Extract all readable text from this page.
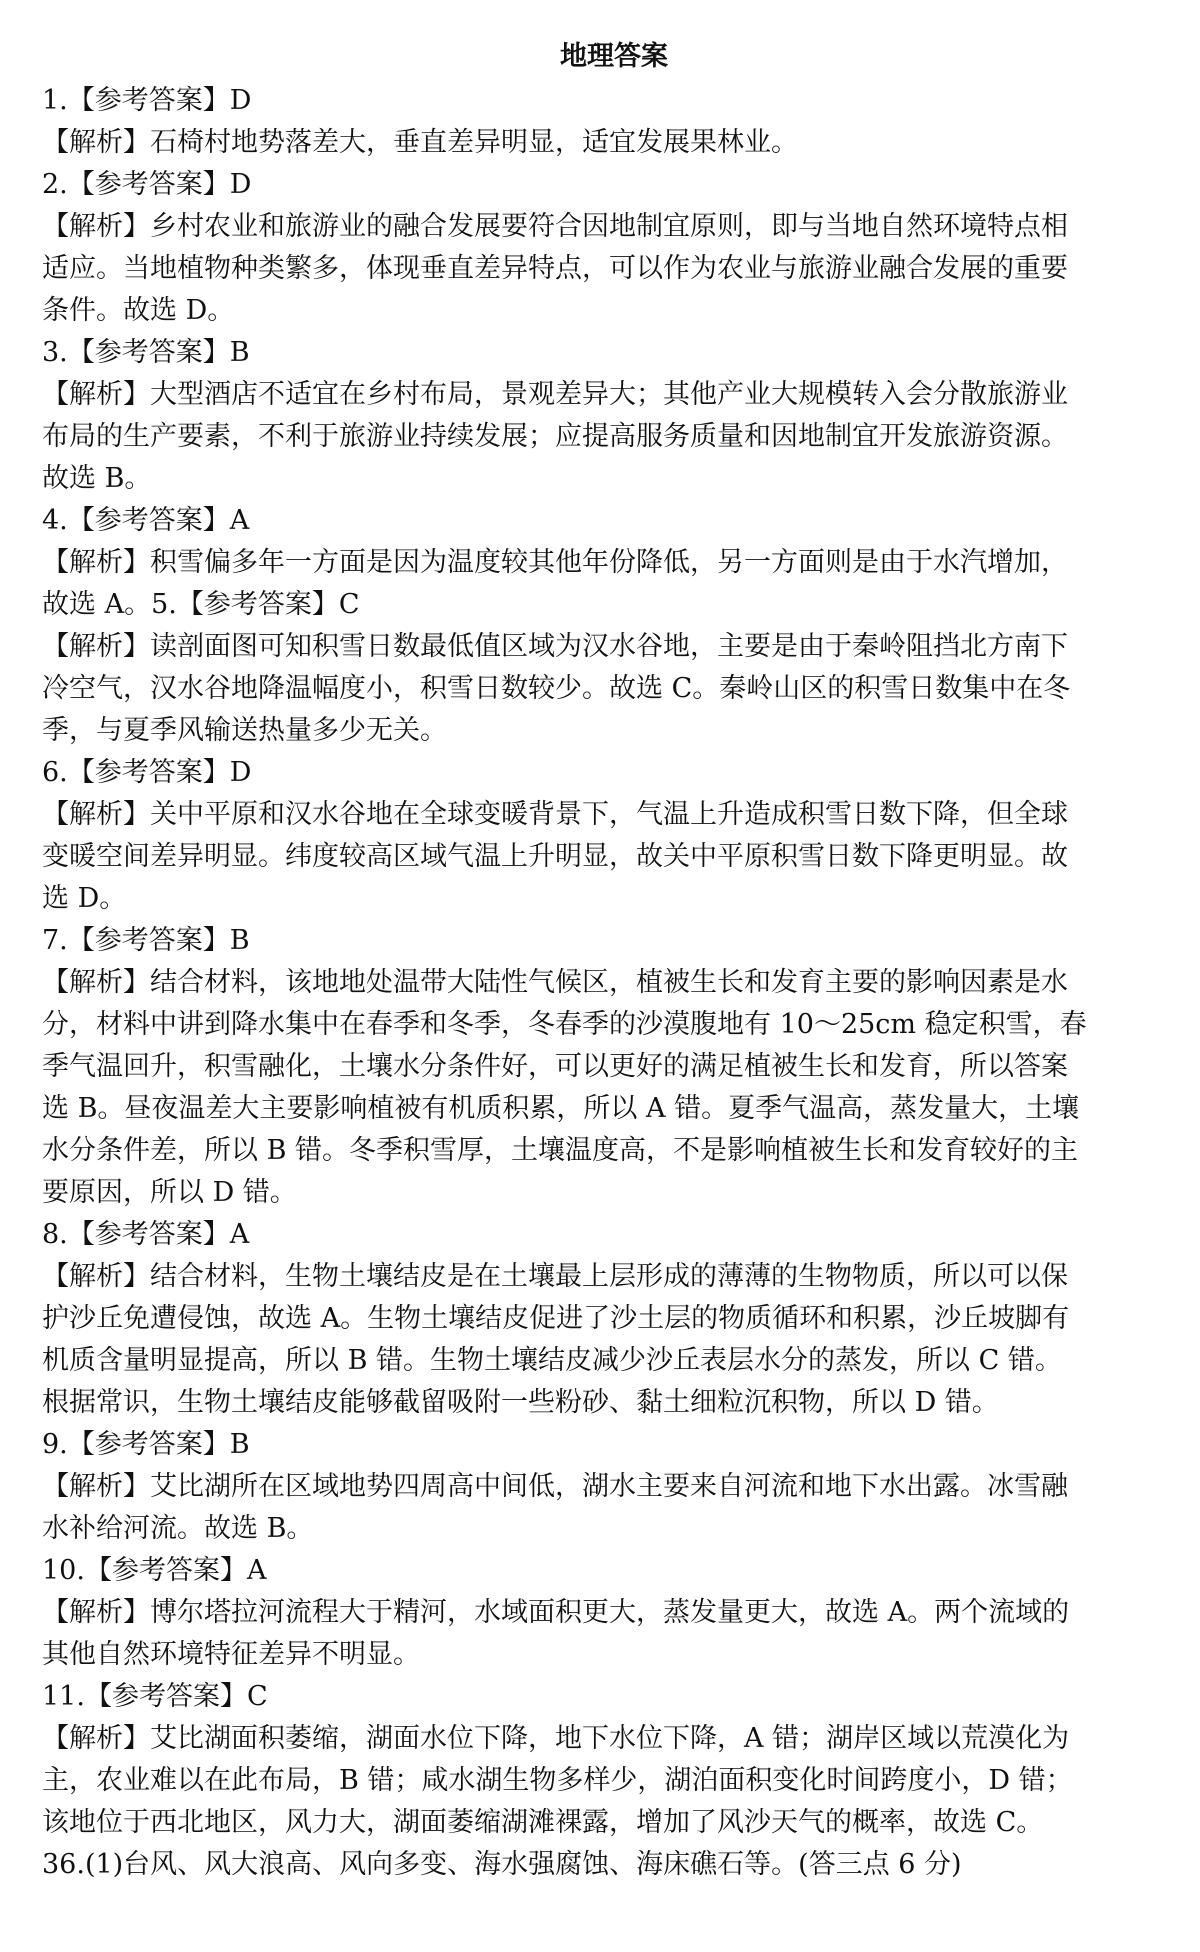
地理答案

1.【参考答案】D

【解析】石椅村地势落差大，垂直差异明显，适宜发展果林业。

2.【参考答案】D

【解析】乡村农业和旅游业的融合发展要符合因地制宜原则，即与当地自然环境特点相

适应。当地植物种类繁多，体现垂直差异特点，可以作为农业与旅游业融合发展的重要

条件。故选 D。

3.【参考答案】B

【解析】大型酒店不适宜在乡村布局，景观差异大；其他产业大规模转入会分散旅游业

布局的生产要素，不利于旅游业持续发展；应提高服务质量和因地制宜开发旅游资源。

故选 B。

4.【参考答案】A

【解析】积雪偏多年一方面是因为温度较其他年份降低，另一方面则是由于水汽增加，

故选 A。5.【参考答案】C

【解析】读剖面图可知积雪日数最低值区域为汉水谷地，主要是由于秦岭阻挡北方南下

冷空气，汉水谷地降温幅度小，积雪日数较少。故选 C。秦岭山区的积雪日数集中在冬

季，与夏季风输送热量多少无关。

6.【参考答案】D

【解析】关中平原和汉水谷地在全球变暖背景下，气温上升造成积雪日数下降，但全球

变暖空间差异明显。纬度较高区域气温上升明显，故关中平原积雪日数下降更明显。故

选 D。

7.【参考答案】B

【解析】结合材料，该地地处温带大陆性气候区，植被生长和发育主要的影响因素是水

分，材料中讲到降水集中在春季和冬季，冬春季的沙漠腹地有 10～25cm 稳定积雪，春

季气温回升，积雪融化，土壤水分条件好，可以更好的满足植被生长和发育，所以答案

选 B。昼夜温差大主要影响植被有机质积累，所以 A 错。夏季气温高，蒸发量大，土壤

水分条件差，所以 B 错。冬季积雪厚，土壤温度高，不是影响植被生长和发育较好的主

要原因，所以 D 错。

8.【参考答案】A

【解析】结合材料，生物土壤结皮是在土壤最上层形成的薄薄的生物物质，所以可以保

护沙丘免遭侵蚀，故选 A。生物土壤结皮促进了沙土层的物质循环和积累，沙丘坡脚有

机质含量明显提高，所以 B 错。生物土壤结皮减少沙丘表层水分的蒸发，所以 C 错。

根据常识，生物土壤结皮能够截留吸附一些粉砂、黏土细粒沉积物，所以 D 错。

9.【参考答案】B

【解析】艾比湖所在区域地势四周高中间低，湖水主要来自河流和地下水出露。冰雪融

水补给河流。故选 B。

10.【参考答案】A

【解析】博尔塔拉河流程大于精河，水域面积更大，蒸发量更大，故选 A。两个流域的

其他自然环境特征差异不明显。

11.【参考答案】C

【解析】艾比湖面积萎缩，湖面水位下降，地下水位下降，A 错；湖岸区域以荒漠化为

主，农业难以在此布局，B 错；咸水湖生物多样少，湖泊面积变化时间跨度小，D 错；

该地位于西北地区，风力大，湖面萎缩湖滩裸露，增加了风沙天气的概率，故选 C。

36.(1)台风、风大浪高、风向多变、海水强腐蚀、海床礁石等。(答三点 6 分)
